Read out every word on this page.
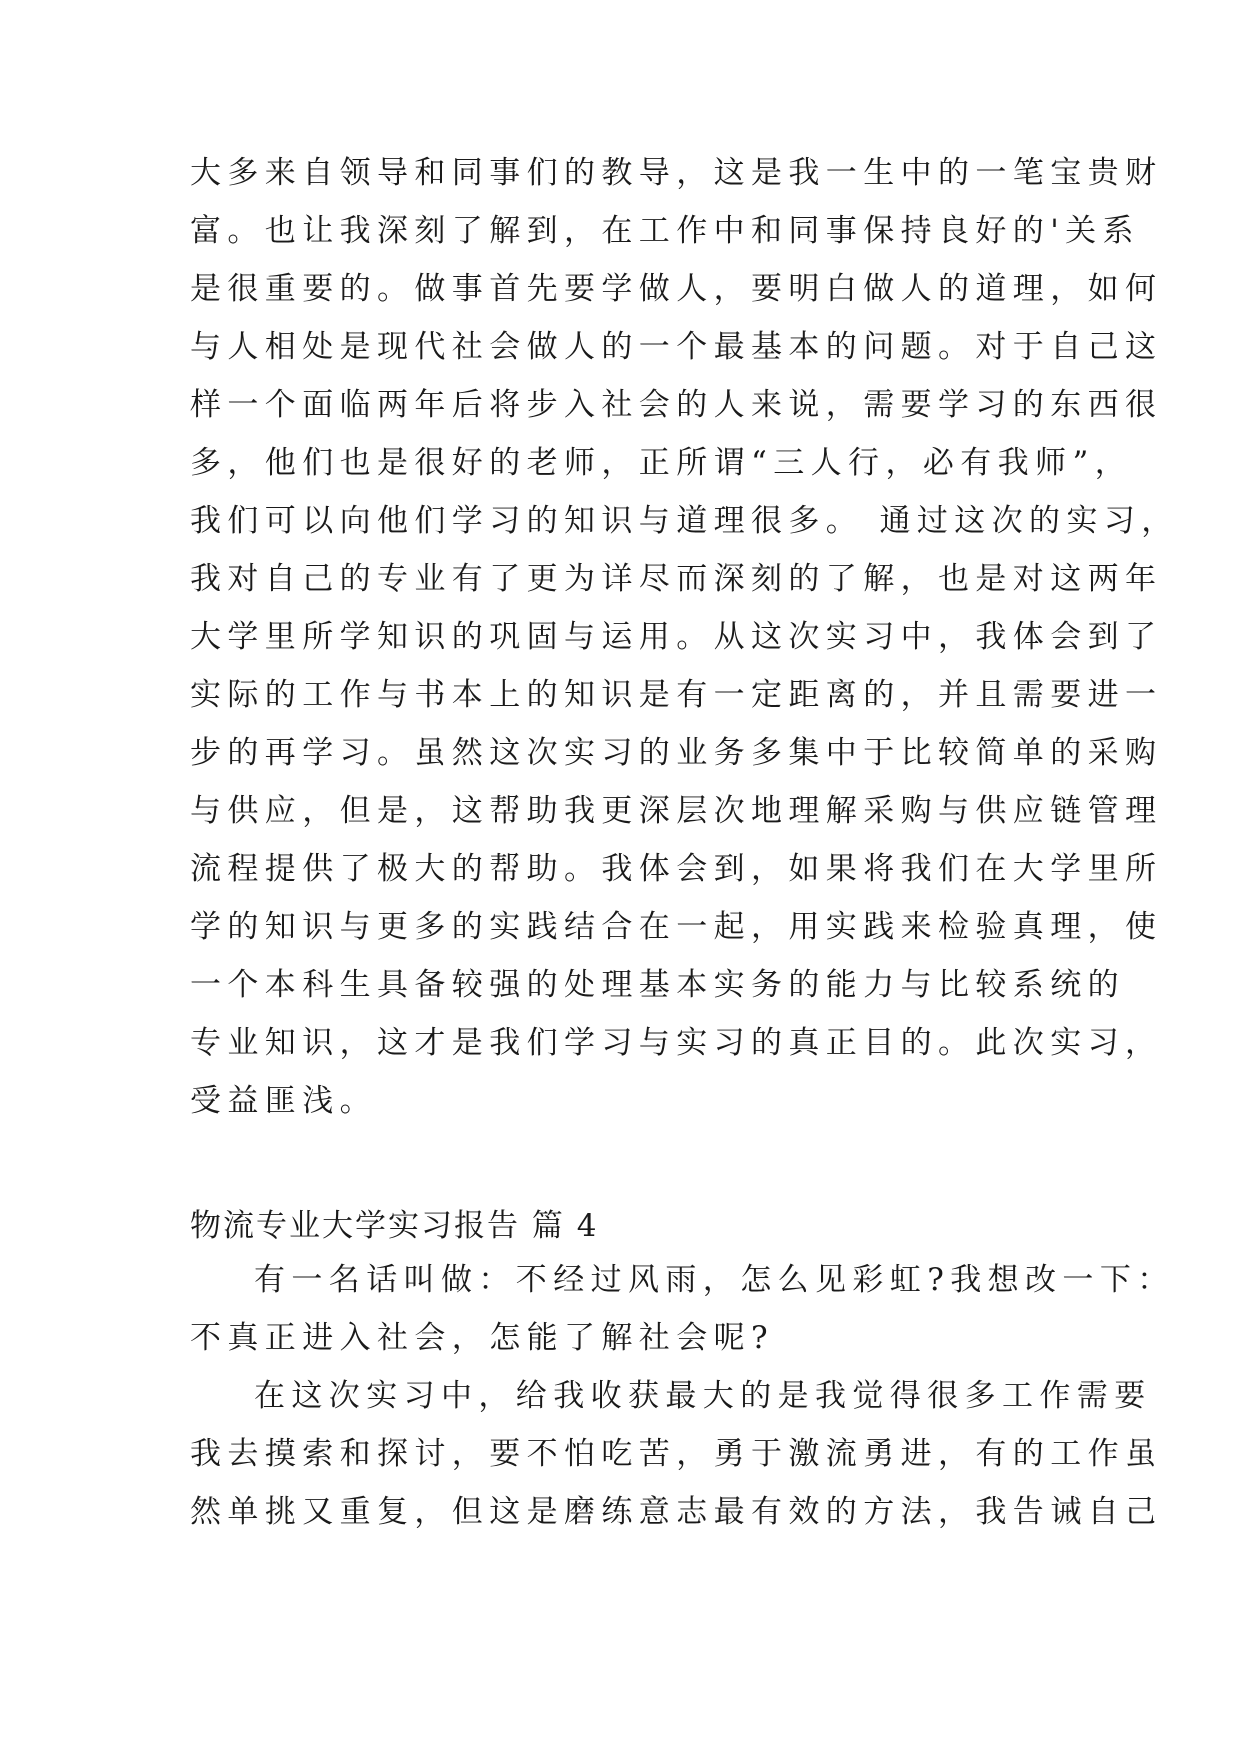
大多来自领导和同事们的教导，这是我一生中的一笔宝贵财
富。也让我深刻了解到，在工作中和同事保持良好的'关系
是很重要的。做事首先要学做人，要明白做人的道理，如何
与人相处是现代社会做人的一个最基本的问题。对于自己这
样一个面临两年后将步入社会的人来说，需要学习的东西很
多，他们也是很好的老师，正所谓“三人行，必有我师”，
我们可以向他们学习的知识与道理很多。 通过这次的实习，
我对自己的专业有了更为详尽而深刻的了解，也是对这两年
大学里所学知识的巩固与运用。从这次实习中，我体会到了
实际的工作与书本上的知识是有一定距离的，并且需要进一
步的再学习。虽然这次实习的业务多集中于比较简单的采购
与供应，但是，这帮助我更深层次地理解采购与供应链管理
流程提供了极大的帮助。我体会到，如果将我们在大学里所
学的知识与更多的实践结合在一起，用实践来检验真理，使
一个本科生具备较强的处理基本实务的能力与比较系统的
专业知识，这才是我们学习与实习的真正目的。此次实习，
受益匪浅。
物流专业大学实习报告 篇 4
有一名话叫做：不经过风雨，怎么见彩虹?我想改一下：
不真正进入社会，怎能了解社会呢?
在这次实习中，给我收获最大的是我觉得很多工作需要
我去摸索和探讨，要不怕吃苦，勇于激流勇进，有的工作虽
然单挑又重复，但这是磨练意志最有效的方法，我告诫自己
